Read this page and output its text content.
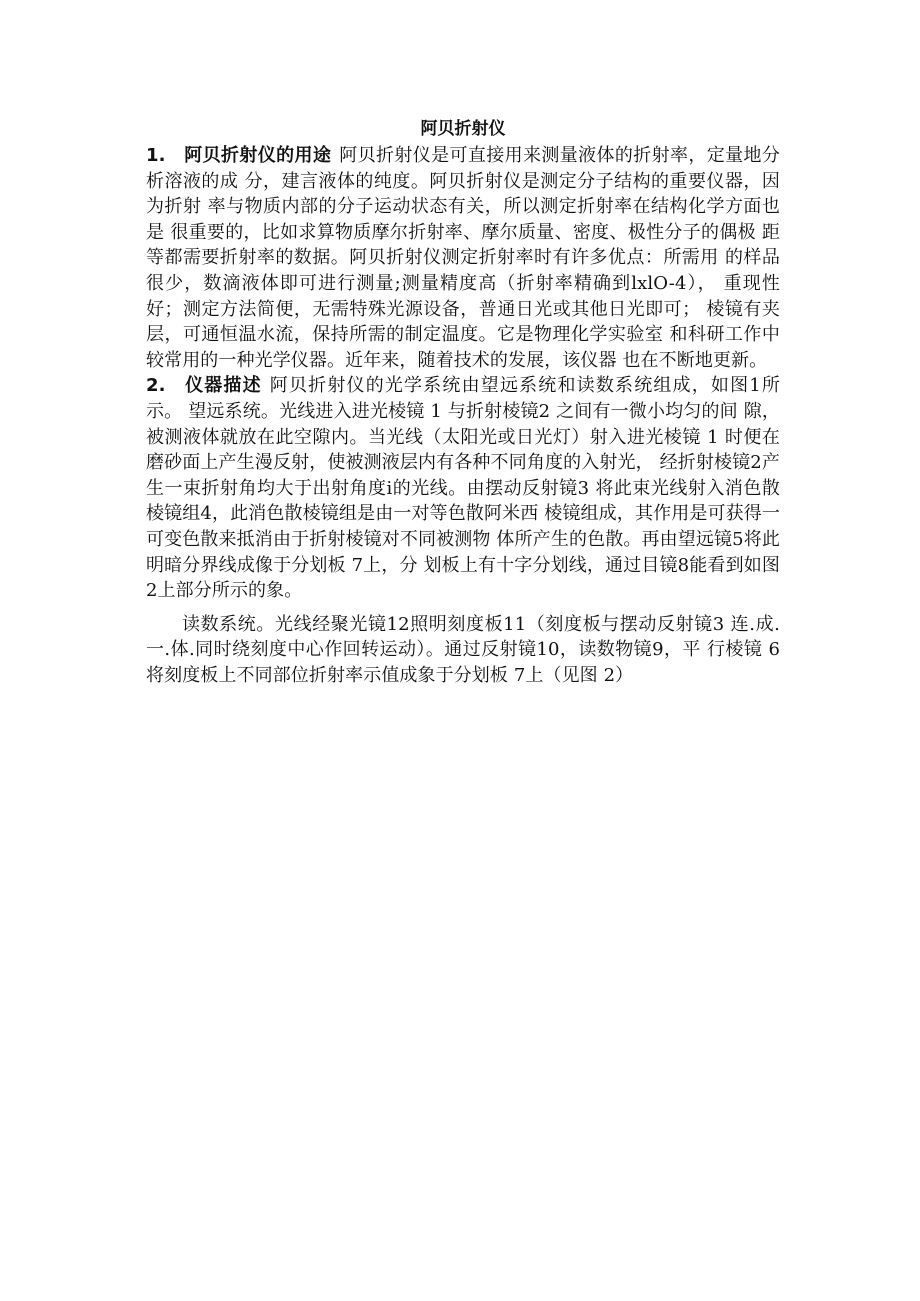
阿贝折射仪

1. 阿贝折射仪的用途 阿贝折射仪是可直接用来测量液体的折射率，定量地分析溶液的成 分，建言液体的纯度。阿贝折射仪是测定分子结构的重要仪器，因为折射 率与物质内部的分子运动状态有关，所以测定折射率在结构化学方面也是 很重要的，比如求算物质摩尔折射率、摩尔质量、密度、极性分子的偶极 距等都需要折射率的数据。阿贝折射仪测定折射率时有许多优点：所需用 的样品很少，数滴液体即可进行测量;测量精度高（折射率精确到lxlO-4）， 重现性好；测定方法简便，无需特殊光源设备，普通日光或其他日光即可； 棱镜有夹层，可通恒温水流，保持所需的制定温度。它是物理化学实验室 和科研工作中较常用的一种光学仪器。近年来，随着技术的发展，该仪器 也在不断地更新。

2. 仪器描述 阿贝折射仪的光学系统由望远系统和读数系统组成，如图1所示。 望远系统。光线进入进光棱镜 1 与折射棱镜2 之间有一微小均匀的间 隙，被测液体就放在此空隙内。当光线（太阳光或日光灯）射入进光棱镜 1 时便在磨砂面上产生漫反射，使被测液层内有各种不同角度的入射光， 经折射棱镜2产生一束折射角均大于出射角度i的光线。由摆动反射镜3 将此束光线射入消色散棱镜组4，此消色散棱镜组是由一对等色散阿米西 棱镜组成，其作用是可获得一可变色散来抵消由于折射棱镜对不同被测物 体所产生的色散。再由望远镜5将此明暗分界线成像于分划板 7上，分 划板上有十字分划线，通过目镜8能看到如图2上部分所示的象。

读数系统。光线经聚光镜12照明刻度板11（刻度板与摆动反射镜3 连.成.一.体.同时绕刻度中心作回转运动）。通过反射镜10，读数物镜9，平 行棱镜 6 将刻度板上不同部位折射率示值成象于分划板 7上（见图 2）
